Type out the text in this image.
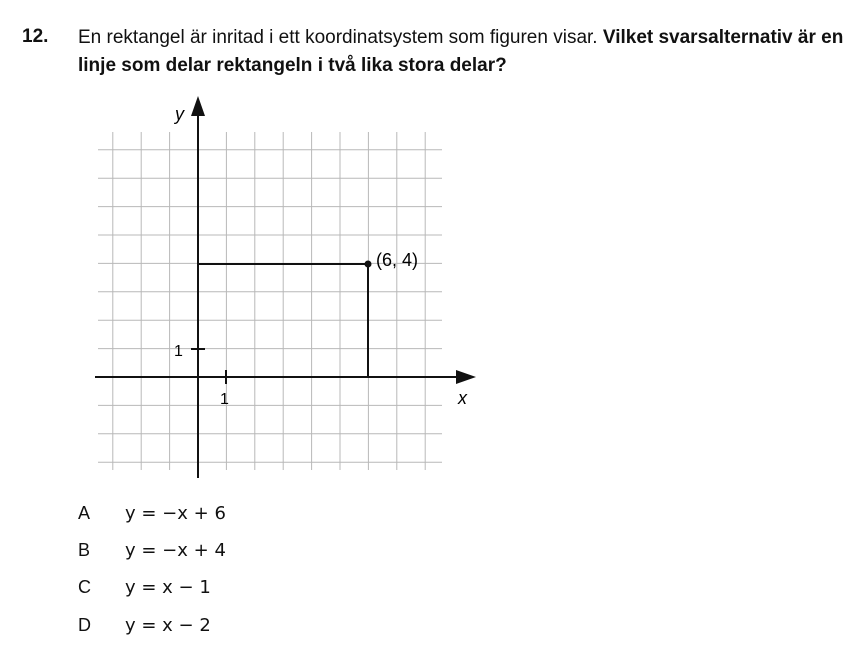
12. En rektangel är inritad i ett koordinatsystem som figuren visar. Vilket svarsalternativ är en linje som delar rektangeln i två lika stora delar?
y
x
1
1
(6, 4)
A y = −x + 6
B y = −x + 4
C y = x − 1
D y = x − 2
